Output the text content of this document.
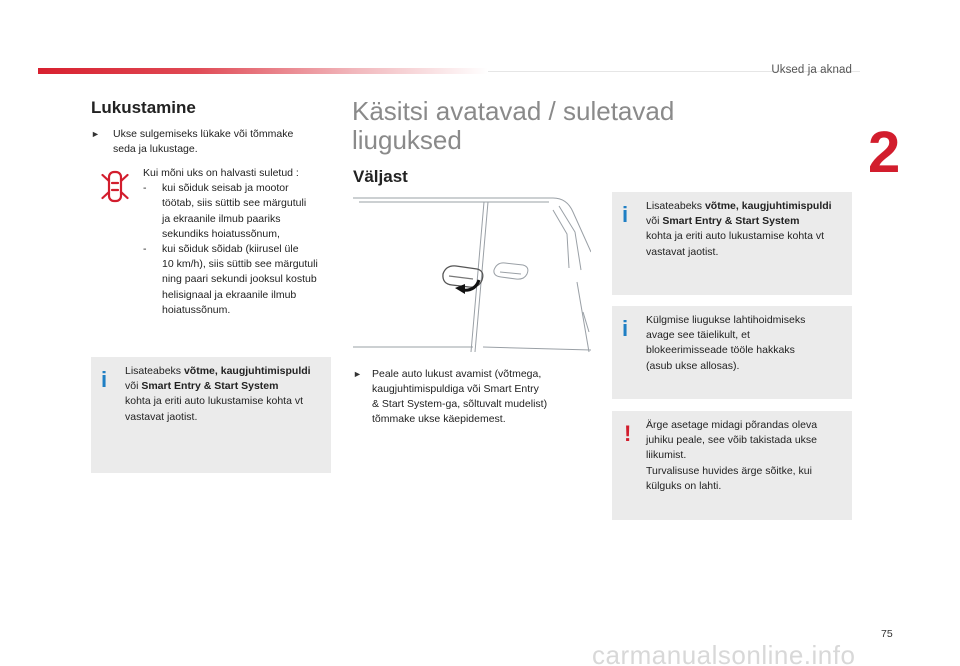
Uksed ja aknad
2
Lukustamine
►	Ukse sulgemiseks lükake või tõmmake
seda ja lukustage.
Kui mõni uks on halvasti suletud :
- kui sõiduk seisab ja mootor
töötab, siis süttib see märgutuli
ja ekraanile ilmub paariks
sekundiks hoiatussõnum,
- kui sõiduk sõidab (kiirusel üle
10 km/h), siis süttib see märgutuli
ning paari sekundi jooksul kostub
helisignaal ja ekraanile ilmub
hoiatussõnum.
i Lisateabeks võtme, kaugjuhtimispuldi
või Smart Entry & Start System
kohta ja eriti auto lukustamise kohta vt
vastavat jaotist.
Käsitsi avatavad / suletavad
liuguksed
Väljast
► Peale auto lukust avamist (võtmega,
kaugjuhtimispuldiga või Smart Entry
& Start System-ga, sõltuvalt mudelist)
tõmmake ukse käepidemest.
i Lisateabeks võtme, kaugjuhtimispuldi
või Smart Entry & Start System
kohta ja eriti auto lukustamise kohta vt
vastavat jaotist.
i Külgmise liugukse lahtihoidmiseks
avage see täielikult, et
blokeerimisseade tööle hakkaks
(asub ukse allosas).
! Ärge asetage midagi põrandas oleva
juhiku peale, see võib takistada ukse
liikumist.
Turvalisuse huvides ärge sõitke, kui
külguks on lahti.
75
carmanualsonline.info
